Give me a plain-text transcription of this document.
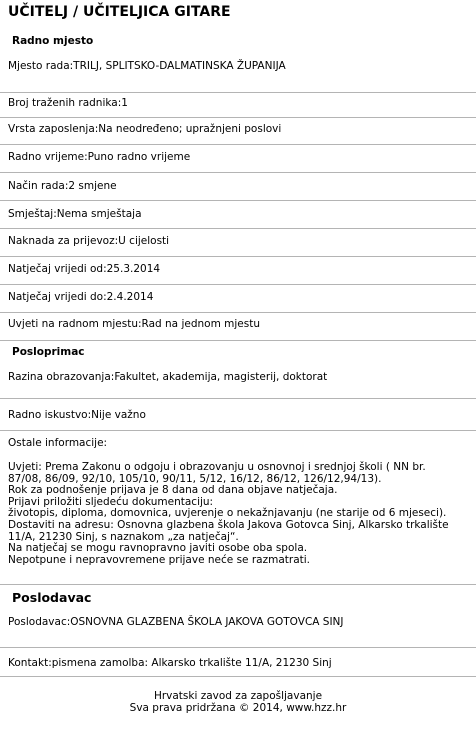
UČITELJ / UČITELJICA GITARE
Radno mjesto
Mjesto rada:TRILJ, SPLITSKO-DALMATINSKA ŽUPANIJA
Broj traženih radnika:1
Vrsta zaposlenja:Na neodređeno; upražnjeni poslovi
Radno vrijeme:Puno radno vrijeme
Način rada:2 smjene
Smještaj:Nema smještaja
Naknada za prijevoz:U cijelosti
Natječaj vrijedi od:25.3.2014
Natječaj vrijedi do:2.4.2014
Uvjeti na radnom mjestu:Rad na jednom mjestu
Posloprimac
Razina obrazovanja:Fakultet, akademija, magisterij, doktorat
Radno iskustvo:Nije važno
Ostale informacije:
Uvjeti: Prema Zakonu o odgoju i obrazovanju u osnovnoj i srednjoj školi ( NN br. 87/08, 86/09, 92/10, 105/10, 90/11, 5/12, 16/12, 86/12, 126/12,94/13).
Rok za podnošenje prijava je 8 dana od dana objave natječaja.
Prijavi priložiti sljedeću dokumentaciju:
životopis, diploma, domovnica, uvjerenje o nekažnjavanju (ne starije od 6 mjeseci).
Dostaviti na adresu: Osnovna glazbena škola Jakova Gotovca Sinj, Alkarsko trkalište 11/A, 21230 Sinj, s naznakom „za natječaj“.
Na natječaj se mogu ravnopravno javiti osobe oba spola.
Nepotpune i nepravovremene prijave neće se razmatrati.
Poslodavac
Poslodavac:OSNOVNA GLAZBENA ŠKOLA JAKOVA GOTOVCA SINJ
Kontakt:pismena zamolba: Alkarsko trkalište 11/A, 21230 Sinj
Hrvatski zavod za zapošljavanje
Sva prava pridržana © 2014, www.hzz.hr
